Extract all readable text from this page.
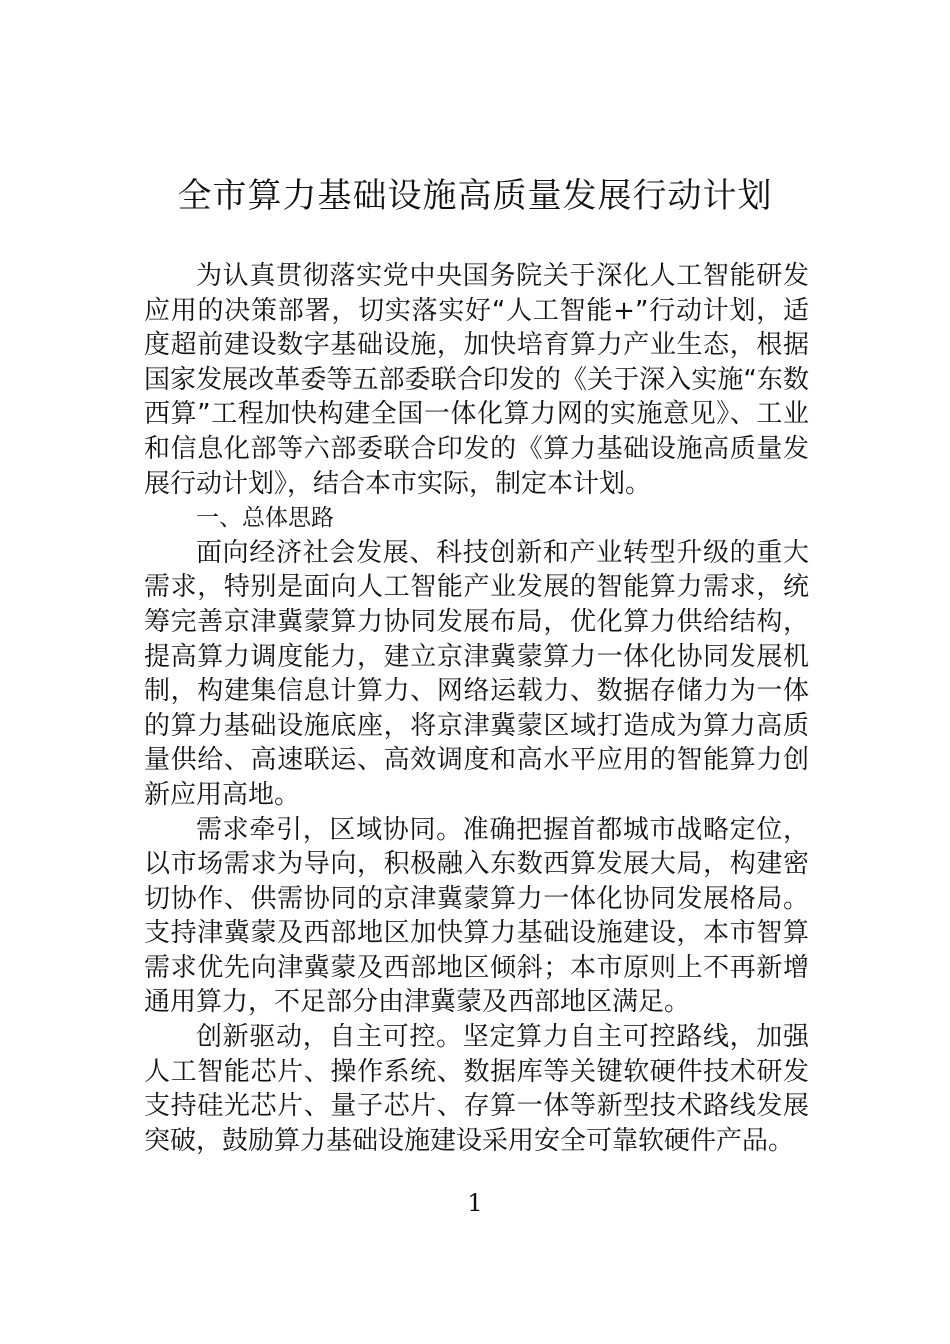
全市算力基础设施高质量发展行动计划

为认真贯彻落实党中央国务院关于深化人工智能研发应用的决策部署，切实落实好“人工智能+”行动计划，适度超前建设数字基础设施，加快培育算力产业生态，根据国家发展改革委等五部委联合印发的《关于深入实施“东数西算”工程加快构建全国一体化算力网的实施意见》、工业和信息化部等六部委联合印发的《算力基础设施高质量发展行动计划》，结合本市实际，制定本计划。

一、总体思路

面向经济社会发展、科技创新和产业转型升级的重大需求，特别是面向人工智能产业发展的智能算力需求，统筹完善京津冀蒙算力协同发展布局，优化算力供给结构，提高算力调度能力，建立京津冀蒙算力一体化协同发展机制，构建集信息计算力、网络运载力、数据存储力为一体的算力基础设施底座，将京津冀蒙区域打造成为算力高质量供给、高速联运、高效调度和高水平应用的智能算力创新应用高地。

需求牵引，区域协同。准确把握首都城市战略定位，以市场需求为导向，积极融入东数西算发展大局，构建密切协作、供需协同的京津冀蒙算力一体化协同发展格局。支持津冀蒙及西部地区加快算力基础设施建设，本市智算需求优先向津冀蒙及西部地区倾斜；本市原则上不再新增通用算力，不足部分由津冀蒙及西部地区满足。

创新驱动，自主可控。坚定算力自主可控路线，加强人工智能芯片、操作系统、数据库等关键软硬件技术研发支持硅光芯片、量子芯片、存算一体等新型技术路线发展突破，鼓励算力基础设施建设采用安全可靠软硬件产品。

1
